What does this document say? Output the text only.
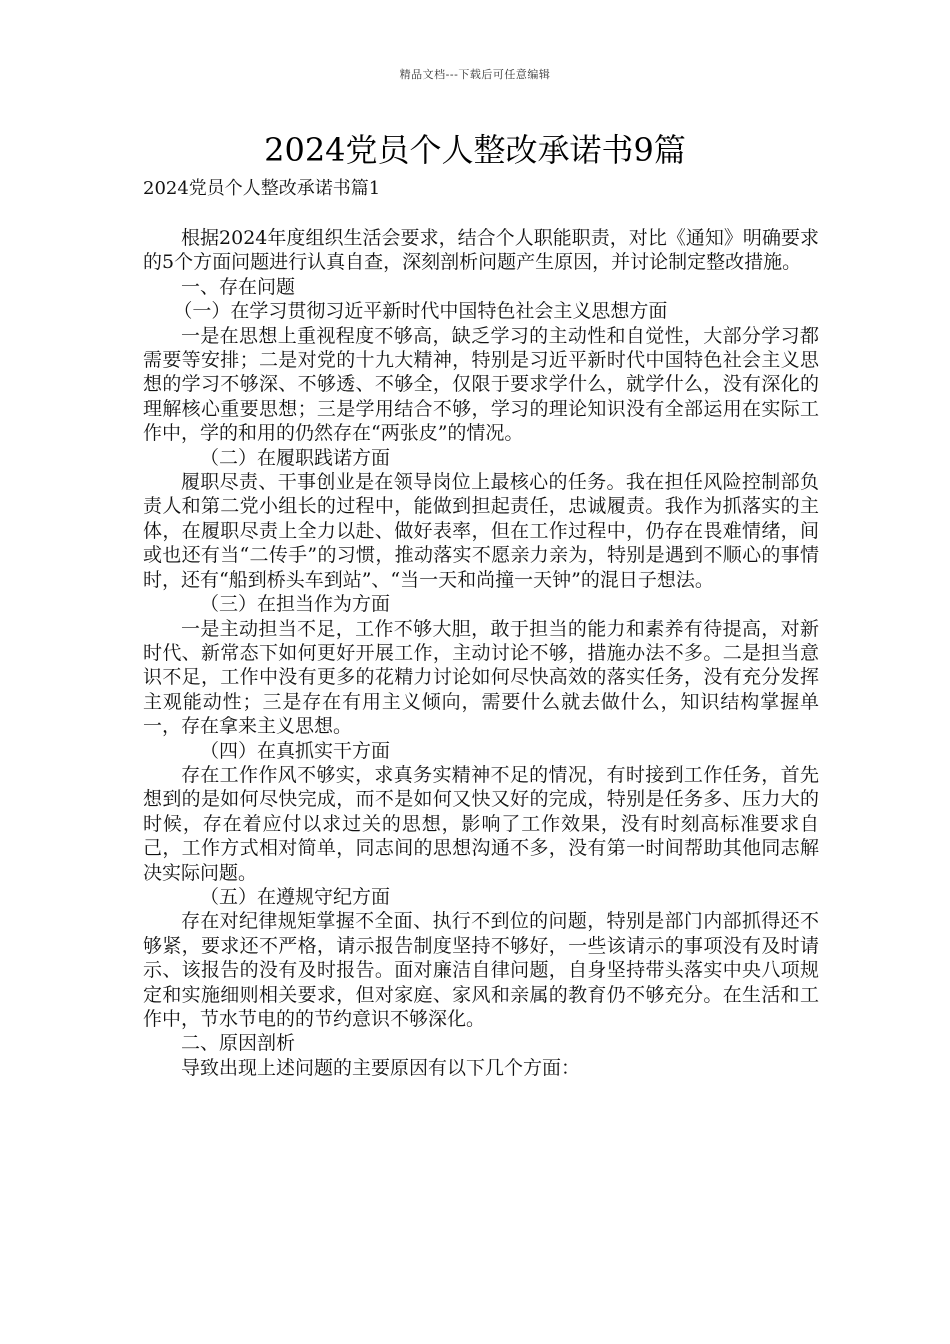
精品文档---下载后可任意编辑
2024党员个人整改承诺书9篇
2024党员个人整改承诺书篇1

根据2024年度组织生活会要求，结合个人职能职责，对比《通知》明确要求的5个方面问题进行认真自查，深刻剖析问题产生原因，并讨论制定整改措施。

一、存在问题

（一）在学习贯彻习近平新时代中国特色社会主义思想方面

一是在思想上重视程度不够高，缺乏学习的主动性和自觉性，大部分学习都需要等安排；二是对党的十九大精神，特别是习近平新时代中国特色社会主义思想的学习不够深、不够透、不够全，仅限于要求学什么，就学什么，没有深化的理解核心重要思想；三是学用结合不够，学习的理论知识没有全部运用在实际工作中，学的和用的仍然存在“两张皮”的情况。

（二）在履职践诺方面

履职尽责、干事创业是在领导岗位上最核心的任务。我在担任风险控制部负责人和第二党小组长的过程中，能做到担起责任，忠诚履责。我作为抓落实的主体，在履职尽责上全力以赴、做好表率，但在工作过程中，仍存在畏难情绪，间或也还有当“二传手”的习惯，推动落实不愿亲力亲为，特别是遇到不顺心的事情时，还有“船到桥头车到站”、“当一天和尚撞一天钟”的混日子想法。

（三）在担当作为方面

一是主动担当不足，工作不够大胆，敢于担当的能力和素养有待提高，对新时代、新常态下如何更好开展工作，主动讨论不够，措施办法不多。二是担当意识不足，工作中没有更多的花精力讨论如何尽快高效的落实任务，没有充分发挥主观能动性；三是存在有用主义倾向，需要什么就去做什么，知识结构掌握单一，存在拿来主义思想。

（四）在真抓实干方面

存在工作作风不够实，求真务实精神不足的情况，有时接到工作任务，首先想到的是如何尽快完成，而不是如何又快又好的完成，特别是任务多、压力大的时候，存在着应付以求过关的思想，影响了工作效果，没有时刻高标准要求自己，工作方式相对简单，同志间的思想沟通不多，没有第一时间帮助其他同志解决实际问题。

（五）在遵规守纪方面

存在对纪律规矩掌握不全面、执行不到位的问题，特别是部门内部抓得还不够紧，要求还不严格，请示报告制度坚持不够好，一些该请示的事项没有及时请示、该报告的没有及时报告。面对廉洁自律问题，自身坚持带头落实中央八项规定和实施细则相关要求，但对家庭、家风和亲属的教育仍不够充分。在生活和工作中，节水节电的的节约意识不够深化。

二、原因剖析

导致出现上述问题的主要原因有以下几个方面：
